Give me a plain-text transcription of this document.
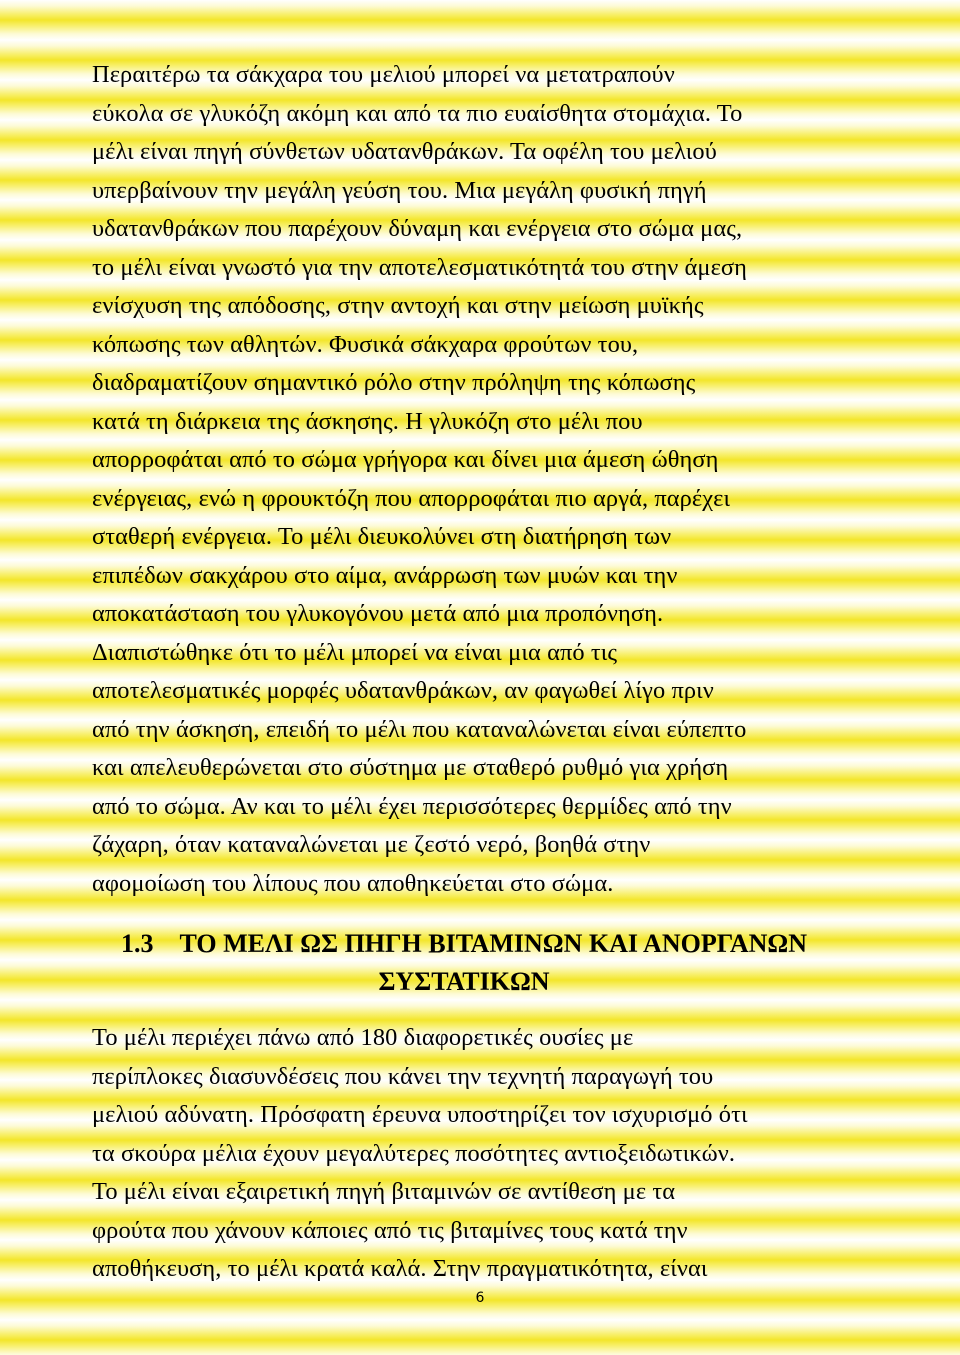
Περαιτέρω τα σάκχαρα του μελιού μπορεί να μετατραπούν
εύκολα σε γλυκόζη ακόμη και από τα πιο ευαίσθητα στομάχια. Το
μέλι είναι πηγή σύνθετων υδατανθράκων. Τα οφέλη του μελιού
υπερβαίνουν την μεγάλη γεύση του. Μια μεγάλη φυσική πηγή
υδατανθράκων που παρέχουν δύναμη και ενέργεια στο σώμα μας,
το μέλι είναι γνωστό για την αποτελεσματικότητά του στην άμεση
ενίσχυση της απόδοσης, στην αντοχή και στην μείωση μυϊκής
κόπωσης των αθλητών. Φυσικά σάκχαρα φρούτων του,
διαδραματίζουν σημαντικό ρόλο στην πρόληψη της κόπωσης
κατά τη διάρκεια της άσκησης. Η γλυκόζη στο μέλι που
απορροφάται από το σώμα γρήγορα και δίνει μια άμεση ώθηση
ενέργειας, ενώ η φρουκτόζη που απορροφάται πιο αργά, παρέχει
σταθερή ενέργεια. Το μέλι διευκολύνει στη διατήρηση των
επιπέδων σακχάρου στο αίμα, ανάρρωση των μυών και την
αποκατάσταση του γλυκογόνου μετά από μια προπόνηση.
Διαπιστώθηκε ότι το μέλι μπορεί να είναι μια από τις
αποτελεσματικές μορφές υδατανθράκων, αν φαγωθεί λίγο πριν
από την άσκηση, επειδή το μέλι που καταναλώνεται είναι εύπεπτο
και απελευθερώνεται στο σύστημα με σταθερό ρυθμό για χρήση
από το σώμα. Αν και το μέλι έχει περισσότερες θερμίδες από την
ζάχαρη, όταν καταναλώνεται με ζεστό νερό, βοηθά στην
αφομοίωση του λίπους που αποθηκεύεται στο σώμα.

1.3 ΤΟ ΜΕΛΙ ΩΣ ΠΗΓΗ ΒΙΤΑΜΙΝΩΝ ΚΑΙ ΑΝΟΡΓΑΝΩΝ
ΣΥΣΤΑΤΙΚΩΝ

Το μέλι περιέχει πάνω από 180 διαφορετικές ουσίες με
περίπλοκες διασυνδέσεις που κάνει την τεχνητή παραγωγή του
μελιού αδύνατη. Πρόσφατη έρευνα υποστηρίζει τον ισχυρισμό ότι
τα σκούρα μέλια έχουν μεγαλύτερες ποσότητες αντιοξειδωτικών.
Το μέλι είναι εξαιρετική πηγή βιταμινών σε αντίθεση με τα
φρούτα που χάνουν κάποιες από τις βιταμίνες τους κατά την
αποθήκευση, το μέλι κρατά καλά. Στην πραγματικότητα, είναι

6
